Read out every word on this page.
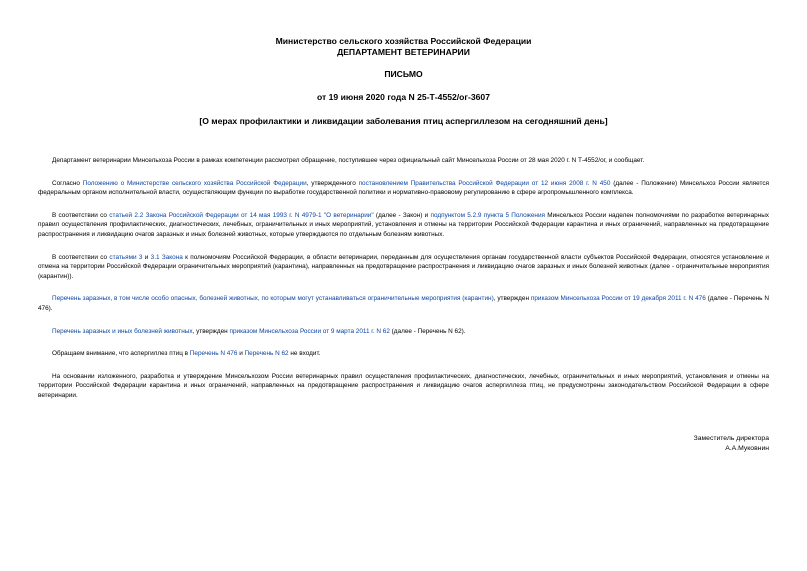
Министерство сельского хозяйства Российской Федерации
ДЕПАРТАМЕНТ ВЕТЕРИНАРИИ
ПИСЬМО
от 19 июня 2020 года N 25-Т-4552/ог-3607
[О мерах профилактики и ликвидации заболевания птиц аспергиллезом на сегодняшний день]

Департамент ветеринарии Минсельхоза России в рамках компетенции рассмотрел обращение, поступившее через официальный сайт Минсельхоза России от 28 мая 2020 г. N Т-4552/ог, и сообщает.

Согласно Положению о Министерстве сельского хозяйства Российской Федерации, утвержденного постановлением Правительства Российской Федерации от 12 июня 2008 г. N 450 (далее - Положение) Минсельхоз России является федеральным органом исполнительной власти, осуществляющим функции по выработке государственной политики и нормативно-правовому регулированию в сфере агропромышленного комплекса.

В соответствии со статьей 2.2 Закона Российской Федерации от 14 мая 1993 г. N 4979-1 "О ветеринарии" (далее - Закон) и подпунктом 5.2.9 пункта 5 Положения Минсельхоз России наделен полномочиями по разработке ветеринарных правил осуществления профилактических, диагностических, лечебных, ограничительных и иных мероприятий, установления и отмены на территории Российской Федерации карантина и иных ограничений, направленных на предотвращение распространения и ликвидацию очагов заразных и иных болезней животных, которые утверждаются по отдельным болезням животных.

В соответствии со статьями 3 и 3.1 Закона к полномочиям Российской Федерации, в области ветеринарии, переданным для осуществления органам государственной власти субъектов Российской Федерации, относятся установление и отмена на территории Российской Федерации ограничительных мероприятий (карантина), направленных на предотвращение распространения и ликвидацию очагов заразных и иных болезней животных (далее - ограничительные мероприятия (карантин)).

Перечень заразных, в том числе особо опасных, болезней животных, по которым могут устанавливаться ограничительные мероприятия (карантин), утвержден приказом Минсельхоза России от 19 декабря 2011 г. N 476 (далее - Перечень N 476).

Перечень заразных и иных болезней животных, утвержден приказом Минсельхоза России от 9 марта 2011 г. N 62 (далее - Перечень N 62).

Обращаем внимание, что аспергиллез птиц в Перечень N 476 и Перечень N 62 не входит.

На основании изложенного, разработка и утверждение Минсельхозом России ветеринарных правил осуществления профилактических, диагностических, лечебных, ограничительных и иных мероприятий, установления и отмены на территории Российской Федерации карантина и иных ограничений, направленных на предотвращение распространения и ликвидацию очагов аспергиллеза птиц, не предусмотрены законодательством Российской Федерации в сфере ветеринарии.

Заместитель директора
А.А.Муковнин
